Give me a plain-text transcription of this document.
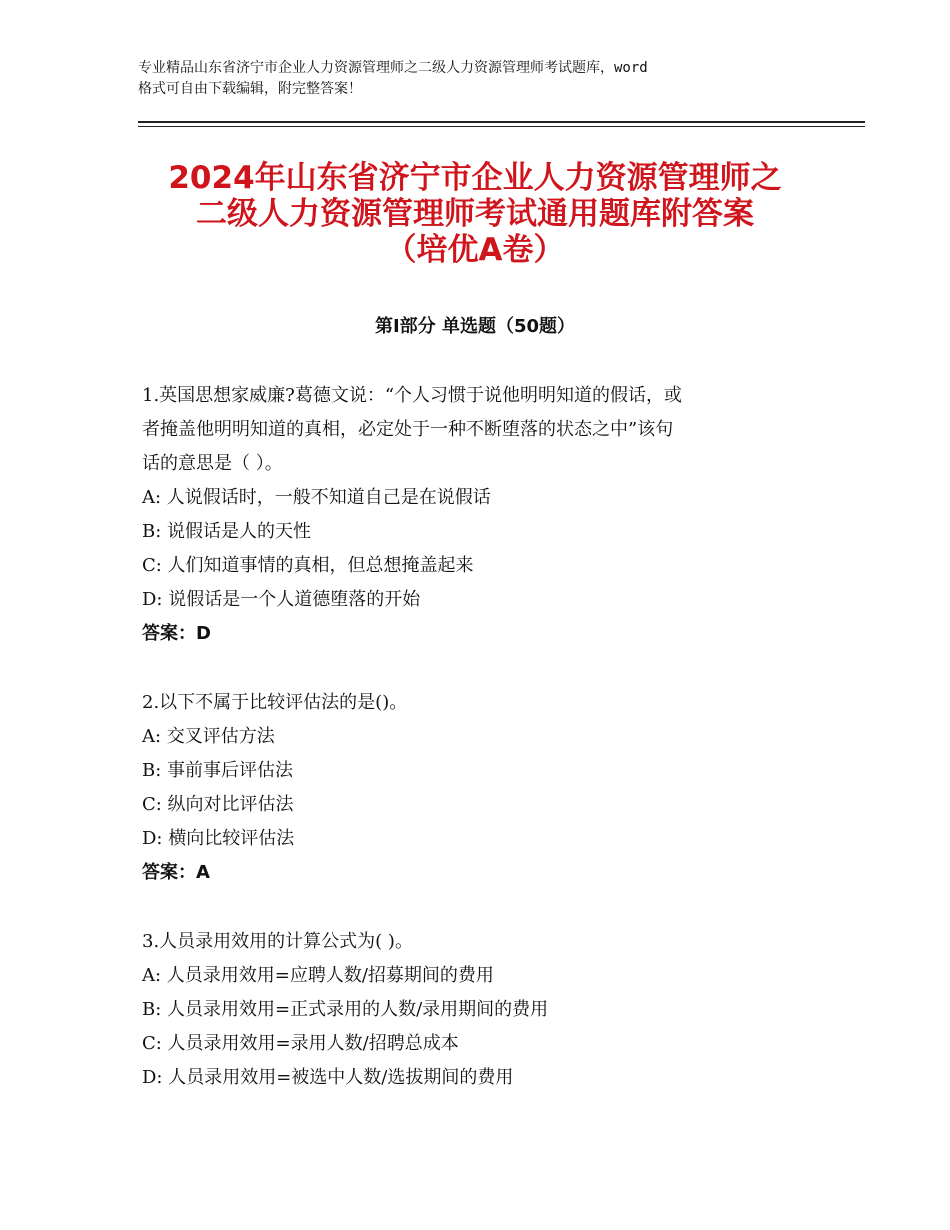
专业精品山东省济宁市企业人力资源管理师之二级人力资源管理师考试题库，word
格式可自由下载编辑，附完整答案！
2024年山东省济宁市企业人力资源管理师之
二级人力资源管理师考试通用题库附答案
（培优A卷）
第Ⅰ部分 单选题（50题）
1.英国思想家威廉?葛德文说：“个人习惯于说他明明知道的假话，或
者掩盖他明明知道的真相，必定处于一种不断堕落的状态之中”该句
话的意思是（ ）。
A: 人说假话时，一般不知道自己是在说假话
B: 说假话是人的天性
C: 人们知道事情的真相，但总想掩盖起来
D: 说假话是一个人道德堕落的开始
答案：D
2.以下不属于比较评估法的是()。
A: 交叉评估方法
B: 事前事后评估法
C: 纵向对比评估法
D: 横向比较评估法
答案：A
3.人员录用效用的计算公式为( )。
A: 人员录用效用=应聘人数/招募期间的费用
B: 人员录用效用=正式录用的人数/录用期间的费用
C: 人员录用效用=录用人数/招聘总成本
D: 人员录用效用=被选中人数/选拔期间的费用
